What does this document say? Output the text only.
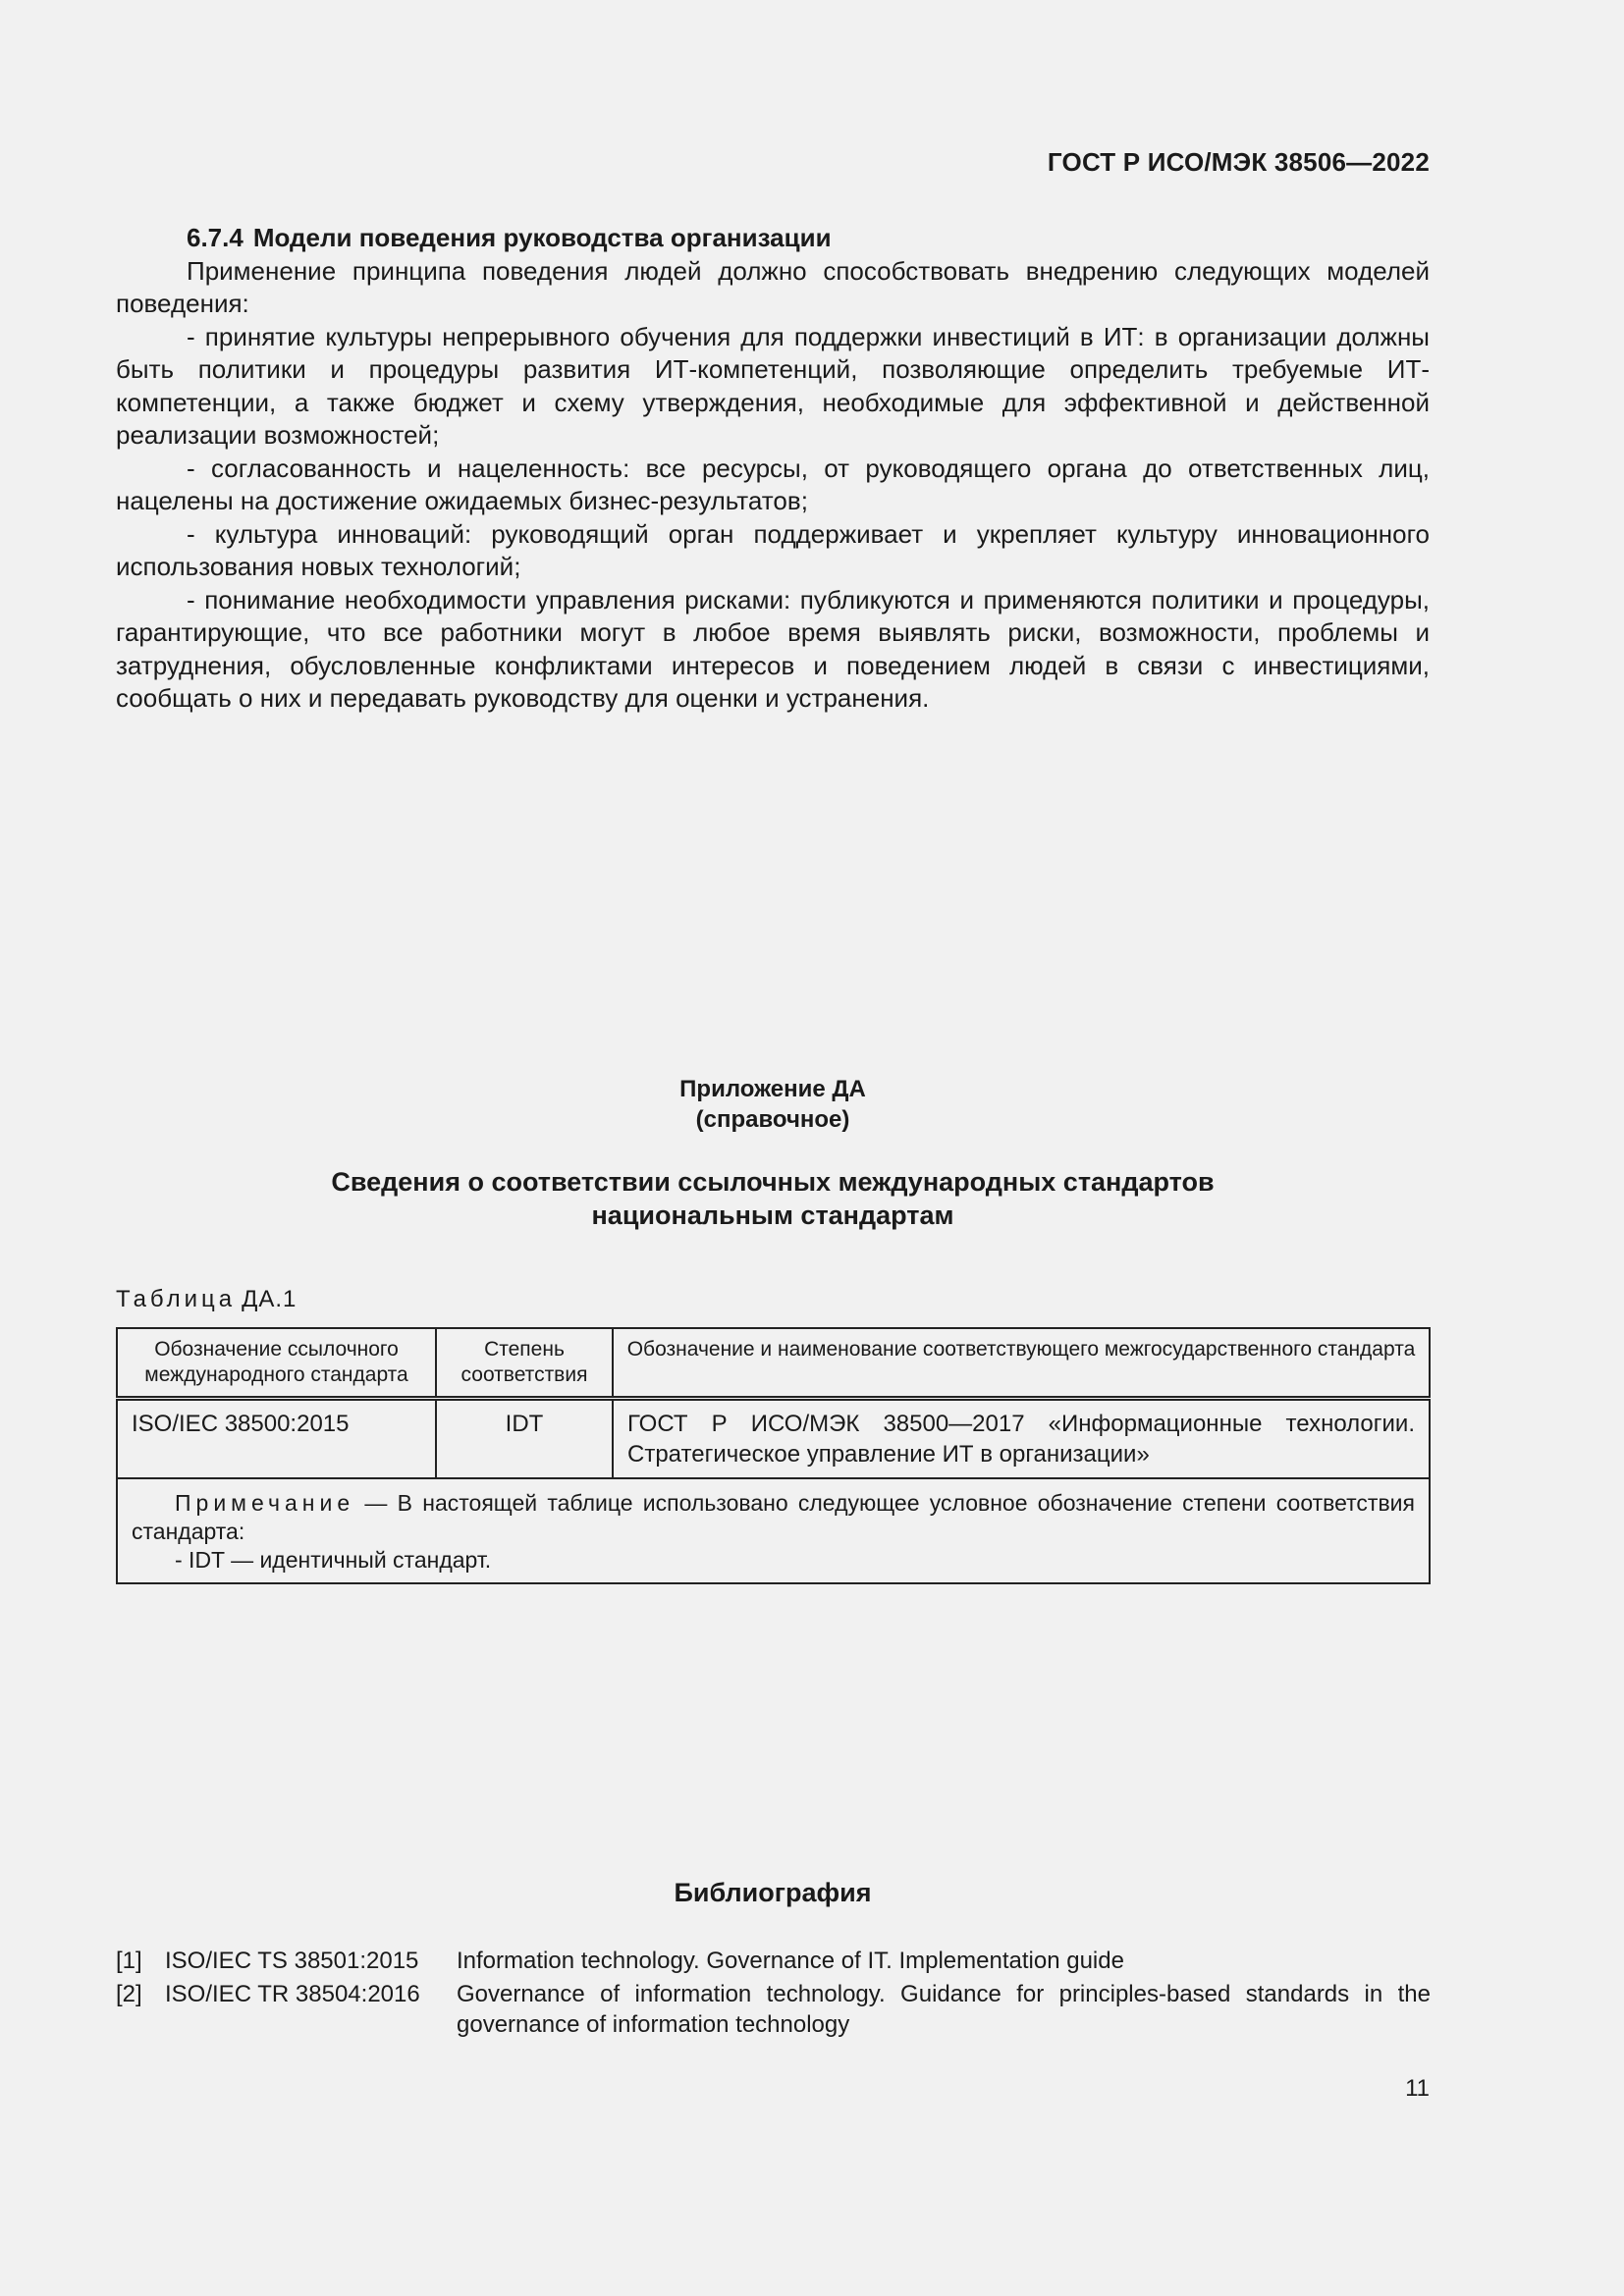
ГОСТ Р ИСО/МЭК 38506—2022

6.7.4 Модели поведения руководства организации

Применение принципа поведения людей должно способствовать внедрению следующих моделей поведения:

- принятие культуры непрерывного обучения для поддержки инвестиций в ИТ: в организации должны быть политики и процедуры развития ИТ-компетенций, позволяющие определить требуемые ИТ-компетенции, а также бюджет и схему утверждения, необходимые для эффективной и действенной реализации возможностей;

- согласованность и нацеленность: все ресурсы, от руководящего органа до ответственных лиц, нацелены на достижение ожидаемых бизнес-результатов;

- культура инноваций: руководящий орган поддерживает и укрепляет культуру инновационного использования новых технологий;

- понимание необходимости управления рисками: публикуются и применяются политики и процедуры, гарантирующие, что все работники могут в любое время выявлять риски, возможности, проблемы и затруднения, обусловленные конфликтами интересов и поведением людей в связи с инвестициями, сообщать о них и передавать руководству для оценки и устранения.

Приложение ДА
(справочное)
Сведения о соответствии ссылочных международных стандартов
национальным стандартам
Таблица ДА.1
Обозначение ссылочного международного стандарта	Степень соответствия	Обозначение и наименование соответствующего межгосударственного стандарта
ISO/IEC 38500:2015	IDT	ГОСТ Р ИСО/МЭК 38500—2017 «Информационные технологии. Стратегическое управление ИТ в организации»
Примечание — В настоящей таблице использовано следующее условное обозначение степени соответствия стандарта:
- IDT — идентичный стандарт.		
Библиография
[1] ISO/IEC TS 38501:2015	Information technology. Governance of IT. Implementation guide
[2] ISO/IEC TR 38504:2016	Governance of information technology. Guidance for principles-based standards in the governance of information technology
11
